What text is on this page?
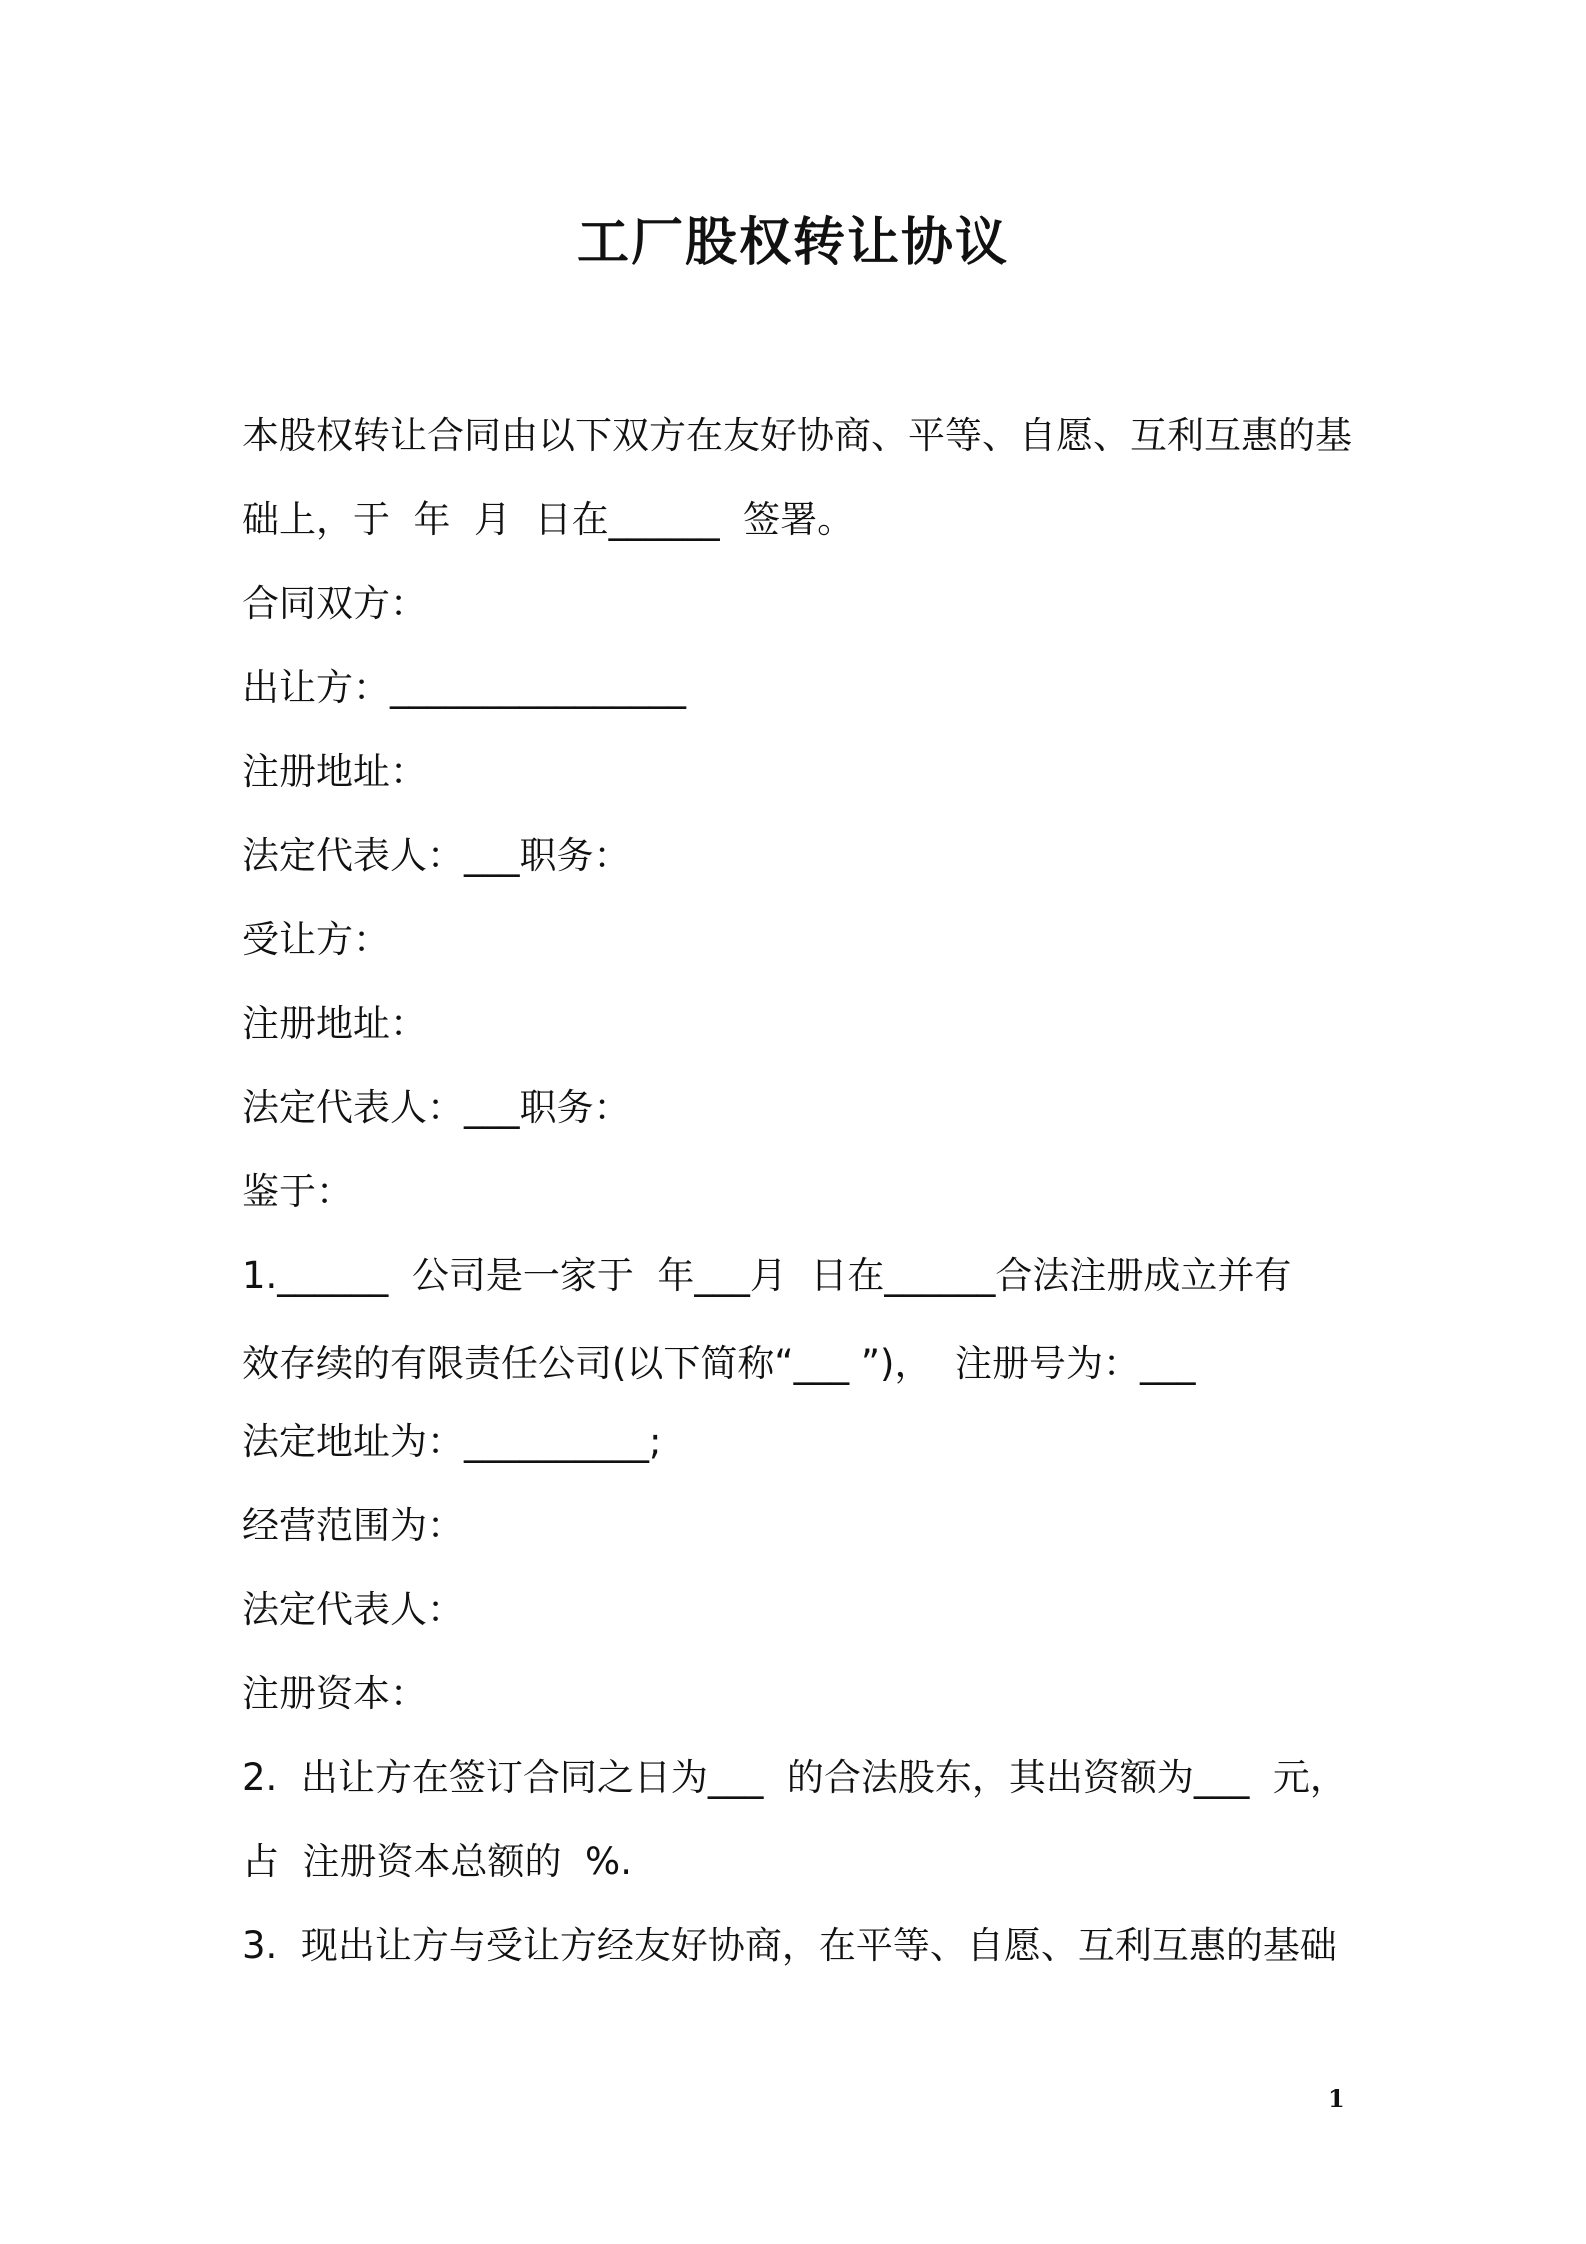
工厂股权转让协议
本股权转让合同由以下双方在友好协商、平等、自愿、互利互惠的基
础上，于  年  月  日在______  签署。
合同双方：
出让方：________________
注册地址：
法定代表人：___职务：
受让方：
注册地址：
法定代表人：___职务：
鉴于：
1.______  公司是一家于  年___月  日在______合法注册成立并有
效存续的有限责任公司(以下简称“___ ”)，  注册号为：___
法定地址为：__________;
经营范围为：
法定代表人：
注册资本：
2.  出让方在签订合同之日为___  的合法股东，其出资额为___  元，
占  注册资本总额的  %.
3.  现出让方与受让方经友好协商，在平等、自愿、互利互惠的基础
1
